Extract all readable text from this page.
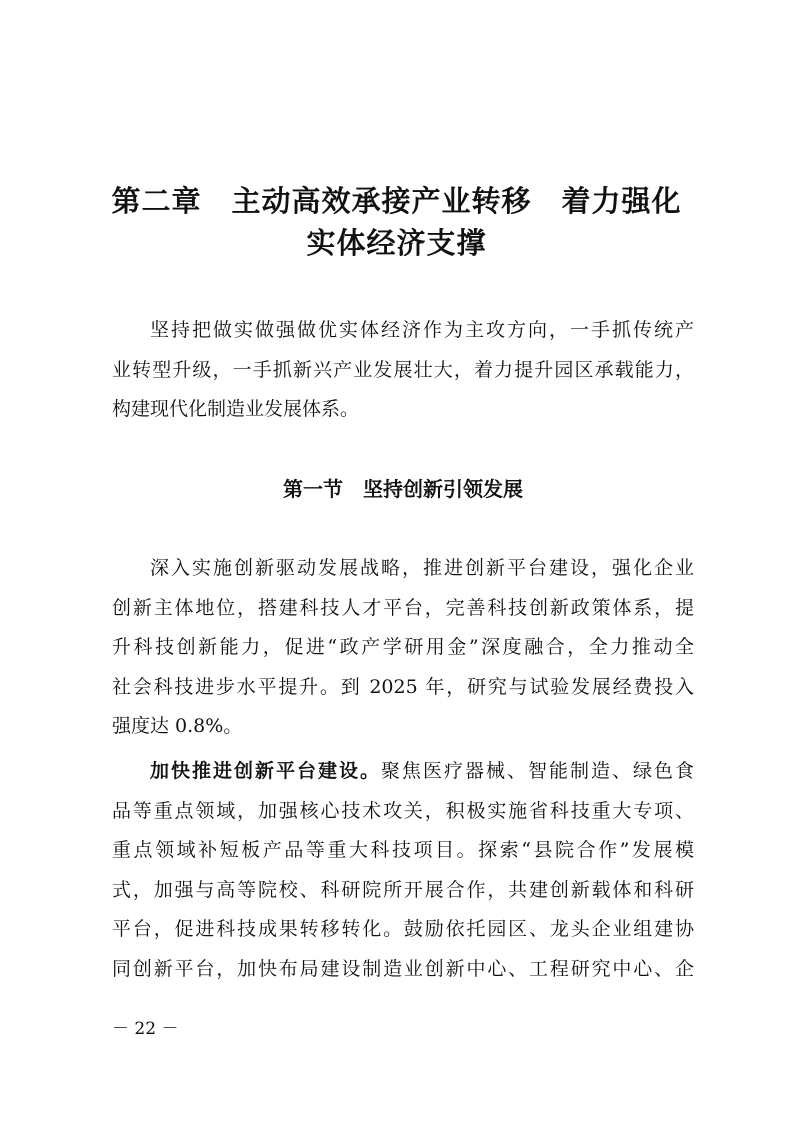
第二章　主动高效承接产业转移　着力强化
实体经济支撑

坚持把做实做强做优实体经济作为主攻方向，一手抓传统产
业转型升级，一手抓新兴产业发展壮大，着力提升园区承载能力，
构建现代化制造业发展体系。

第一节　坚持创新引领发展

深入实施创新驱动发展战略，推进创新平台建设，强化企业
创新主体地位，搭建科技人才平台，完善科技创新政策体系，提
升科技创新能力，促进“政产学研用金”深度融合，全力推动全
社会科技进步水平提升。到 2025 年，研究与试验发展经费投入
强度达 0.8%。

加快推进创新平台建设。聚焦医疗器械、智能制造、绿色食
品等重点领域，加强核心技术攻关，积极实施省科技重大专项、
重点领域补短板产品等重大科技项目。探索“县院合作”发展模
式，加强与高等院校、科研院所开展合作，共建创新载体和科研
平台，促进科技成果转移转化。鼓励依托园区、龙头企业组建协
同创新平台，加快布局建设制造业创新中心、工程研究中心、企

－ 22 －
